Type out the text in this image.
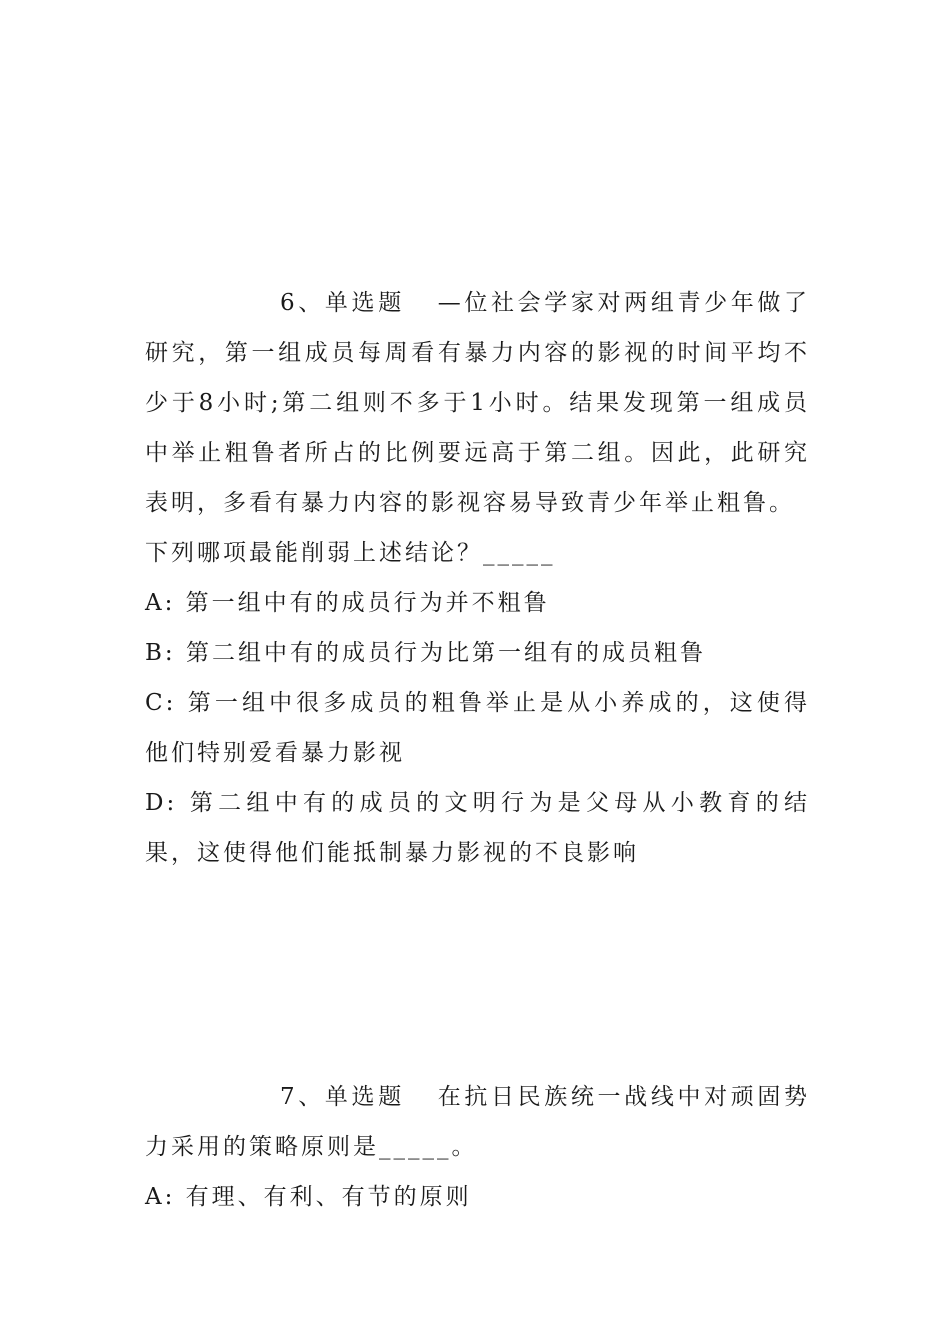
6、单选题 —位社会学家对两组青少年做了研究，第一组成员每周看有暴力内容的影视的时间平均不少于8小时;第二组则不多于1小时。结果发现第一组成员中举止粗鲁者所占的比例要远高于第二组。因此，此研究表明，多看有暴力内容的影视容易导致青少年举止粗鲁。

下列哪项最能削弱上述结论？_____

A: 第一组中有的成员行为并不粗鲁

B: 第二组中有的成员行为比第一组有的成员粗鲁

C: 第一组中很多成员的粗鲁举止是从小养成的，这使得他们特别爱看暴力影视

D: 第二组中有的成员的文明行为是父母从小教育的结果，这使得他们能抵制暴力影视的不良影响

7、单选题 在抗日民族统一战线中对顽固势力采用的策略原则是_____。

A: 有理、有利、有节的原则
